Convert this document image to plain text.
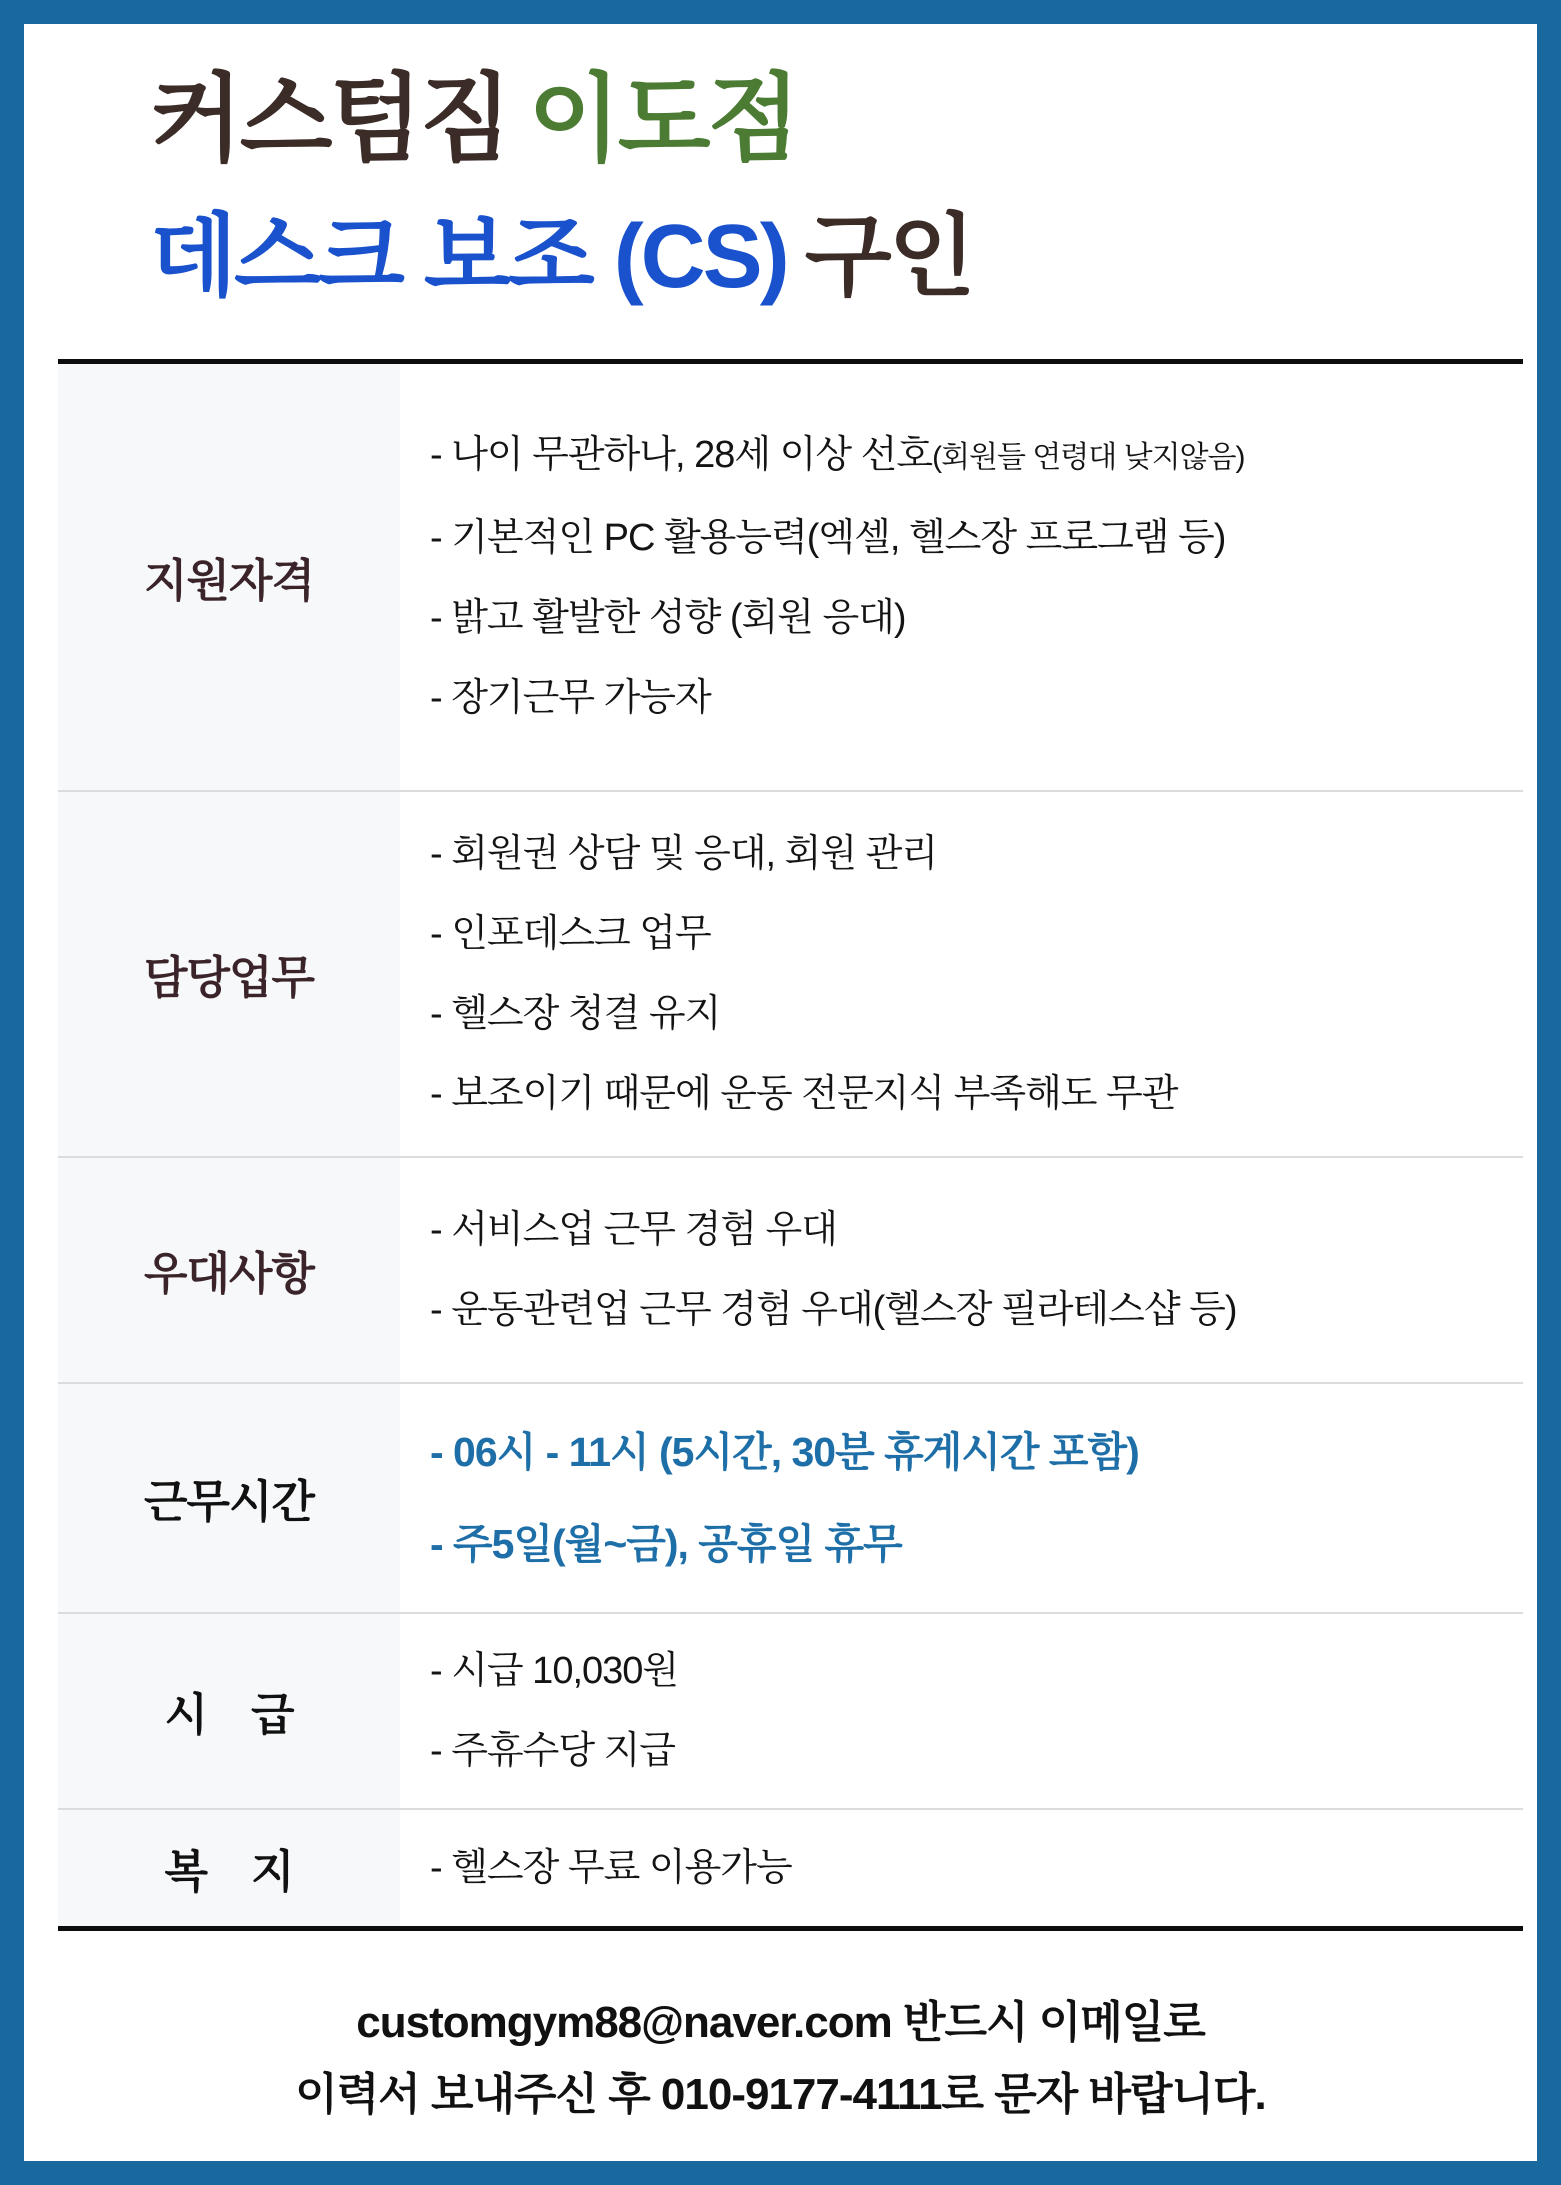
커스텀짐 이도점
데스크 보조 (CS) 구인
지원자격
- 나이 무관하나, 28세 이상 선호(회원들 연령대 낮지않음)
- 기본적인 PC 활용능력(엑셀, 헬스장 프로그램 등)
- 밝고 활발한 성향 (회원 응대)
- 장기근무 가능자
담당업무
- 회원권 상담 및 응대, 회원 관리
- 인포데스크 업무
- 헬스장 청결 유지
- 보조이기 때문에 운동 전문지식 부족해도 무관
우대사항
- 서비스업 근무 경험 우대
- 운동관련업 근무 경험 우대(헬스장 필라테스샵 등)
근무시간
- 06시 - 11시 (5시간, 30분 휴게시간 포함)
- 주5일(월~금), 공휴일 휴무
시　급
- 시급 10,030원
- 주휴수당 지급
복　지	- 헬스장 무료 이용가능
customgym88@naver.com 반드시 이메일로
이력서 보내주신 후 010-9177-4111로 문자 바랍니다.
